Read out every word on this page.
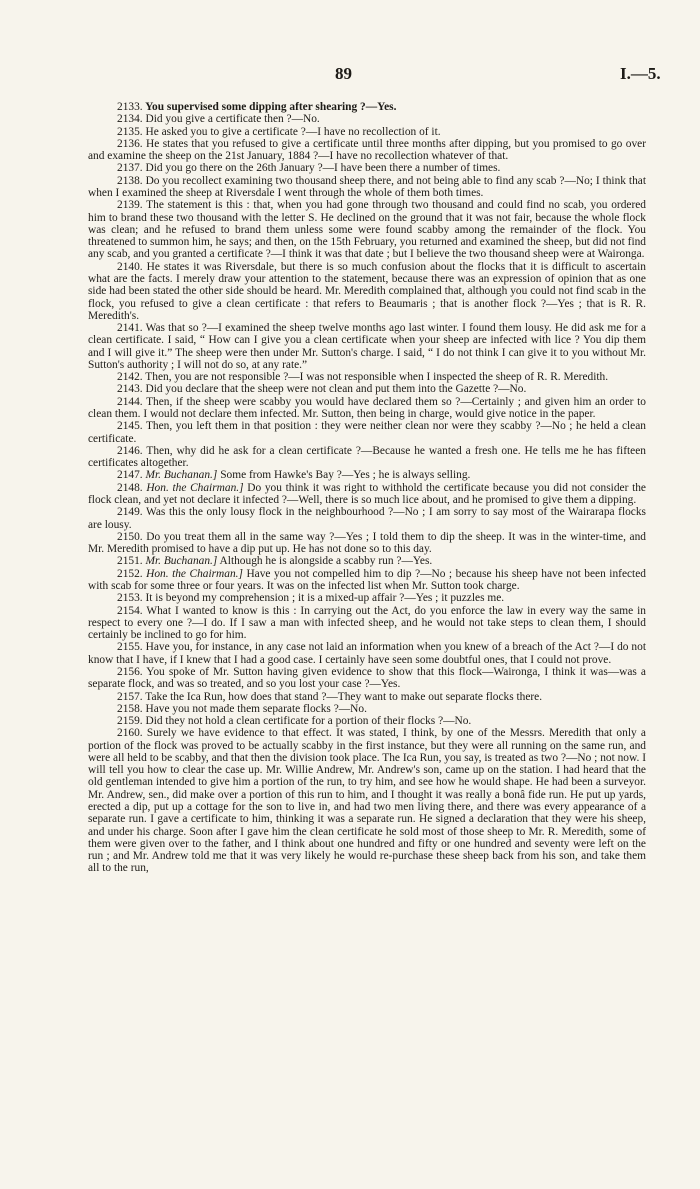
89	I.—5.

2133. You supervised some dipping after shearing ?—Yes.

2134. Did you give a certificate then ?—No.

2135. He asked you to give a certificate ?—I have no recollection of it.

2136. He states that you refused to give a certificate until three months after dipping, but you promised to go over and examine the sheep on the 21st January, 1884 ?—I have no recollection whatever of that.

2137. Did you go there on the 26th January ?—I have been there a number of times.

2138. Do you recollect examining two thousand sheep there, and not being able to find any scab ?—No; I think that when I examined the sheep at Riversdale I went through the whole of them both times.

2139. The statement is this : that, when you had gone through two thousand and could find no scab, you ordered him to brand these two thousand with the letter S. He declined on the ground that it was not fair, because the whole flock was clean; and he refused to brand them unless some were found scabby among the remainder of the flock. You threatened to summon him, he says; and then, on the 15th February, you returned and examined the sheep, but did not find any scab, and you granted a certificate ?—I think it was that date ; but I believe the two thousand sheep were at Waironga.

2140. He states it was Riversdale, but there is so much confusion about the flocks that it is difficult to ascertain what are the facts. I merely draw your attention to the statement, because there was an expression of opinion that as one side had been stated the other side should be heard. Mr. Meredith complained that, although you could not find scab in the flock, you refused to give a clean certificate : that refers to Beaumaris ; that is another flock ?—Yes ; that is R. R. Meredith's.

2141. Was that so ?—I examined the sheep twelve months ago last winter. I found them lousy. He did ask me for a clean certificate. I said, “ How can I give you a clean certificate when your sheep are infected with lice ? You dip them and I will give it.” The sheep were then under Mr. Sutton's charge. I said, “ I do not think I can give it to you without Mr. Sutton's authority ; I will not do so, at any rate.”

2142. Then, you are not responsible ?—I was not responsible when I inspected the sheep of R. R. Meredith.

2143. Did you declare that the sheep were not clean and put them into the Gazette ?—No.

2144. Then, if the sheep were scabby you would have declared them so ?—Certainly ; and given him an order to clean them. I would not declare them infected. Mr. Sutton, then being in charge, would give notice in the paper.

2145. Then, you left them in that position : they were neither clean nor were they scabby ?—No ; he held a clean certificate.

2146. Then, why did he ask for a clean certificate ?—Because he wanted a fresh one. He tells me he has fifteen certificates altogether.

2147. Mr. Buchanan.] Some from Hawke's Bay ?—Yes ; he is always selling.

2148. Hon. the Chairman.] Do you think it was right to withhold the certificate because you did not consider the flock clean, and yet not declare it infected ?—Well, there is so much lice about, and he promised to give them a dipping.

2149. Was this the only lousy flock in the neighbourhood ?—No ; I am sorry to say most of the Wairarapa flocks are lousy.

2150. Do you treat them all in the same way ?—Yes ; I told them to dip the sheep. It was in the winter-time, and Mr. Meredith promised to have a dip put up. He has not done so to this day.

2151. Mr. Buchanan.] Although he is alongside a scabby run ?—Yes.

2152. Hon. the Chairman.] Have you not compelled him to dip ?—No ; because his sheep have not been infected with scab for some three or four years. It was on the infected list when Mr. Sutton took charge.

2153. It is beyond my comprehension ; it is a mixed-up affair ?—Yes ; it puzzles me.

2154. What I wanted to know is this : In carrying out the Act, do you enforce the law in every way the same in respect to every one ?—I do. If I saw a man with infected sheep, and he would not take steps to clean them, I should certainly be inclined to go for him.

2155. Have you, for instance, in any case not laid an information when you knew of a breach of the Act ?—I do not know that I have, if I knew that I had a good case. I certainly have seen some doubtful ones, that I could not prove.

2156. You spoke of Mr. Sutton having given evidence to show that this flock—Waironga, I think it was—was a separate flock, and was so treated, and so you lost your case ?—Yes.

2157. Take the Ica Run, how does that stand ?—They want to make out separate flocks there.

2158. Have you not made them separate flocks ?—No.

2159. Did they not hold a clean certificate for a portion of their flocks ?—No.

2160. Surely we have evidence to that effect. It was stated, I think, by one of the Messrs. Meredith that only a portion of the flock was proved to be actually scabby in the first instance, but they were all running on the same run, and were all held to be scabby, and that then the division took place. The Ica Run, you say, is treated as two ?—No ; not now. I will tell you how to clear the case up. Mr. Willie Andrew, Mr. Andrew's son, came up on the station. I had heard that the old gentleman intended to give him a portion of the run, to try him, and see how he would shape. He had been a surveyor. Mr. Andrew, sen., did make over a portion of this run to him, and I thought it was really a bonâ fide run. He put up yards, erected a dip, put up a cottage for the son to live in, and had two men living there, and there was every appearance of a separate run. I gave a certificate to him, thinking it was a separate run. He signed a declaration that they were his sheep, and under his charge. Soon after I gave him the clean certificate he sold most of those sheep to Mr. R. Meredith, some of them were given over to the father, and I think about one hundred and fifty or one hundred and seventy were left on the run ; and Mr. Andrew told me that it was very likely he would re-purchase these sheep back from his son, and take them all to the run,
